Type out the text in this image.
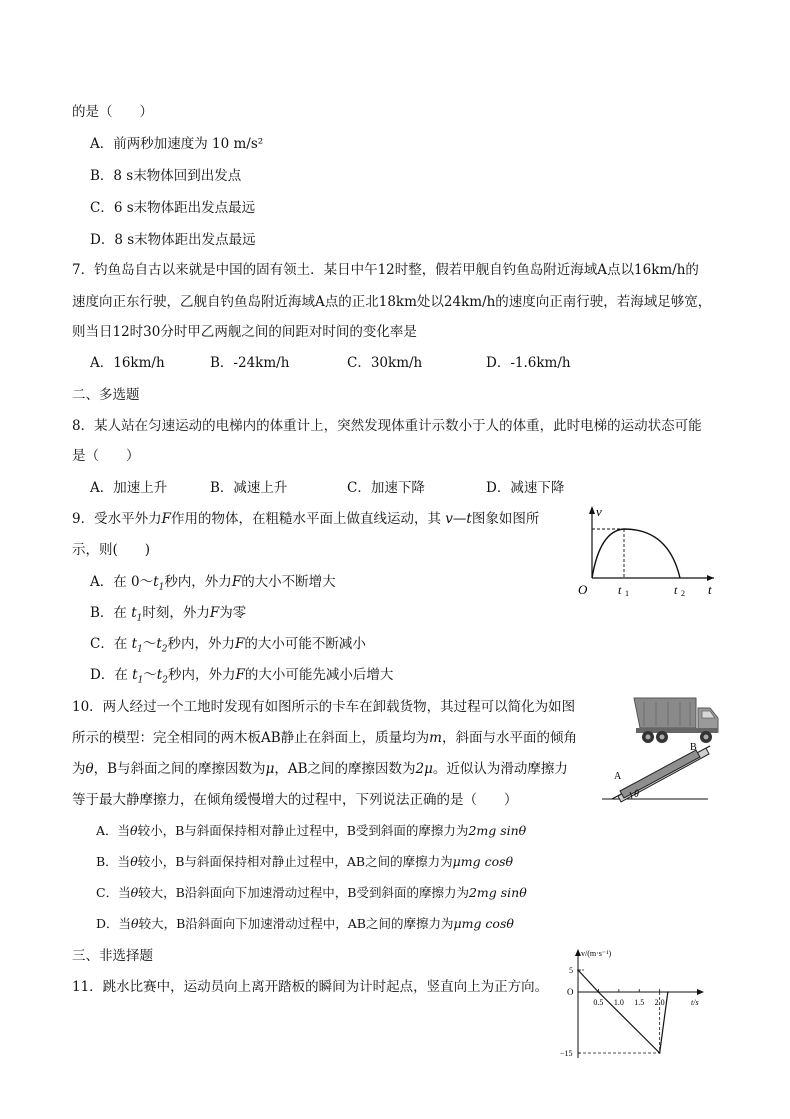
的是（　　）
A．前两秒加速度为 10 m/s²
B．8 s末物体回到出发点
C．6 s末物体距出发点最远
D．8 s末物体距出发点最远
7．钓鱼岛自古以来就是中国的固有领土．某日中午12时整，假若甲舰自钓鱼岛附近海域A点以16km/h的
速度向正东行驶，乙舰自钓鱼岛附近海域A点的正北18km处以24km/h的速度向正南行驶，若海域足够宽，
则当日12时30分时甲乙两舰之间的间距对时间的变化率是
A．16km/h	B．-24km/h	C．30km/h	D．-1.6km/h
二、多选题
8．某人站在匀速运动的电梯内的体重计上，突然发现体重计示数小于人的体重，此时电梯的运动状态可能
是（　　）
A．加速上升	B．减速上升	C．加速下降	D．减速下降
9．受水平外力F作用的物体，在粗糙水平面上做直线运动，其 v—t图象如图所
示，则(　　)
A．在 $0\sim t_1$秒内，外力F的大小不断增大
B．在 $t_1$时刻，外力F为零
C．在 $t_1\sim t_2$秒内，外力F的大小可能不断减小
D．在 $t_1\sim t_2$秒内，外力F的大小可能先减小后增大
O
v
t
t 1	t 2
10．两人经过一个工地时发现有如图所示的卡车在卸载货物，其过程可以简化为如图
所示的模型：完全相同的两木板AB静止在斜面上，质量均为m，斜面与水平面的倾角
为θ，B与斜面之间的摩擦因数为μ，AB之间的摩擦因数为2μ。近似认为滑动摩擦力
等于最大静摩擦力，在倾角缓慢增大的过程中，下列说法正确的是（　　）
A．当θ较小，B与斜面保持相对静止过程中，B受到斜面的摩擦力为2mg sinθ
B．当θ较小，B与斜面保持相对静止过程中，AB之间的摩擦力为μmg cosθ
C．当θ较大，B沿斜面向下加速滑动过程中，B受到斜面的摩擦力为2mg sinθ
D．当θ较大，B沿斜面向下加速滑动过程中，AB之间的摩擦力为μmg cosθ
θ
A
B
三、非选择题
11．跳水比赛中，运动员向上离开踏板的瞬间为计时起点，竖直向上为正方向。
v/(m·s⁻¹)
t/s
O
0.5 1.0 1.5 2.0
5
−15
